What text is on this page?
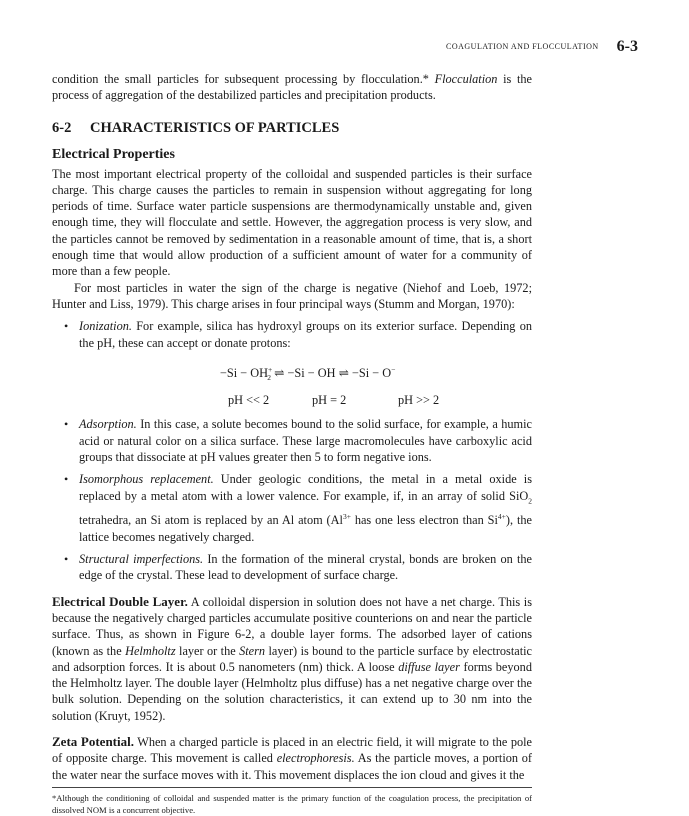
COAGULATION AND FLOCCULATION 6-3

condition the small particles for subsequent processing by flocculation.* Flocculation is the process of aggregation of the destabilized particles and precipitation products.

6-2 CHARACTERISTICS OF PARTICLES
Electrical Properties

The most important electrical property of the colloidal and suspended particles is their surface charge. This charge causes the particles to remain in suspension without aggregating for long periods of time. Surface water particle suspensions are thermodynamically unstable and, given enough time, they will flocculate and settle. However, the aggregation process is very slow, and the particles cannot be removed by sedimentation in a reasonable amount of time, that is, a short enough time that would allow production of a sufficient amount of water for a community of more than a few people.

For most particles in water the sign of the charge is negative (Niehof and Loeb, 1972; Hunter and Liss, 1979). This charge arises in four principal ways (Stumm and Morgan, 1970):

• Ionization. For example, silica has hydroxyl groups on its exterior surface. Depending on the pH, these can accept or donate protons:

$-Si - OH^+_2$ ⇌ −Si − OH ⇌ −Si − O−
pH << 2	pH = 2	pH >> 2
• Adsorption. In this case, a solute becomes bound to the solid surface, for example, a humic acid or natural color on a silica surface. These large macromolecules have carboxylic acid groups that dissociate at pH values greater then 5 to form negative ions.

• Isomorphous replacement. Under geologic conditions, the metal in a metal oxide is replaced by a metal atom with a lower valence. For example, if, in an array of solid SiO$_2$ tetrahedra, an Si atom is replaced by an Al atom ($Al^{3+}$ has one less electron than $Si^{4+}$), the lattice becomes negatively charged.

• Structural imperfections. In the formation of the mineral crystal, bonds are broken on the edge of the crystal. These lead to development of surface charge.

Electrical Double Layer. A colloidal dispersion in solution does not have a net charge. This is because the negatively charged particles accumulate positive counterions on and near the particle surface. Thus, as shown in Figure 6-2, a double layer forms. The adsorbed layer of cations (known as the Helmholtz layer or the Stern layer) is bound to the particle surface by electrostatic and adsorption forces. It is about 0.5 nanometers (nm) thick. A loose diffuse layer forms beyond the Helmholtz layer. The double layer (Helmholtz plus diffuse) has a net negative charge over the bulk solution. Depending on the solution characteristics, it can extend up to 30 nm into the solution (Kruyt, 1952).

Zeta Potential. When a charged particle is placed in an electric field, it will migrate to the pole of opposite charge. This movement is called electrophoresis. As the particle moves, a portion of the water near the surface moves with it. This movement displaces the ion cloud and gives it the

*Although the conditioning of colloidal and suspended matter is the primary function of the coagulation process, the precipitation of dissolved NOM is a concurrent objective.
